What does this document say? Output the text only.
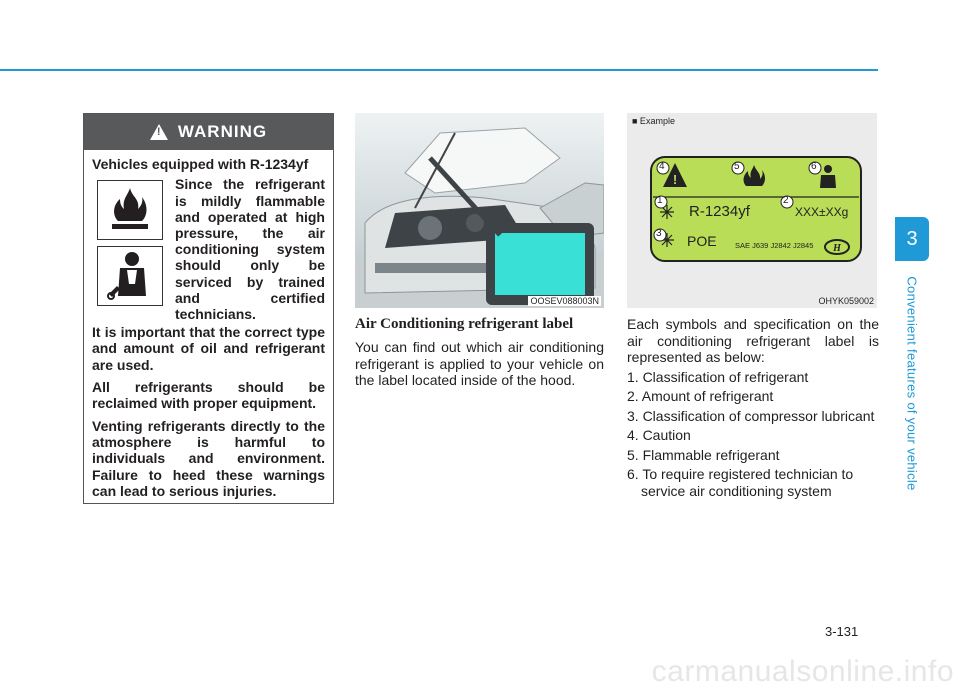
3
Convenient features of your vehicle
!
WARNING
Vehicles equipped with R-1234yf

Since the refrigerant is mildly flammable and operated at high pressure, the air conditioning system should only be serviced by trained and certified technicians.

It is important that the correct type and amount of oil and refrigerant are used.

All refrigerants should be reclaimed with proper equipment.

Venting refrigerants directly to the atmosphere is harmful to individuals and environment. Failure to heed these warnings can lead to serious injuries.

OOSEV088003N
Air Conditioning refrigerant label

You can find out which air conditioning refrigerant is applied to your vehicle on the label located inside of the hood.

■ Example
!
H
1	2
3
4	5	6
R-1234yf	XXX±XXg
POE SAE J639 J2842 J2845
OHYK059002

Each symbols and specification on the air conditioning refrigerant label is represented as below:

1. Classification of refrigerant
2. Amount of refrigerant
3. Classification of compressor lubricant
4. Caution
5. Flammable refrigerant
6. To require registered technician to service air conditioning system
3-131
carmanualsonline.info
